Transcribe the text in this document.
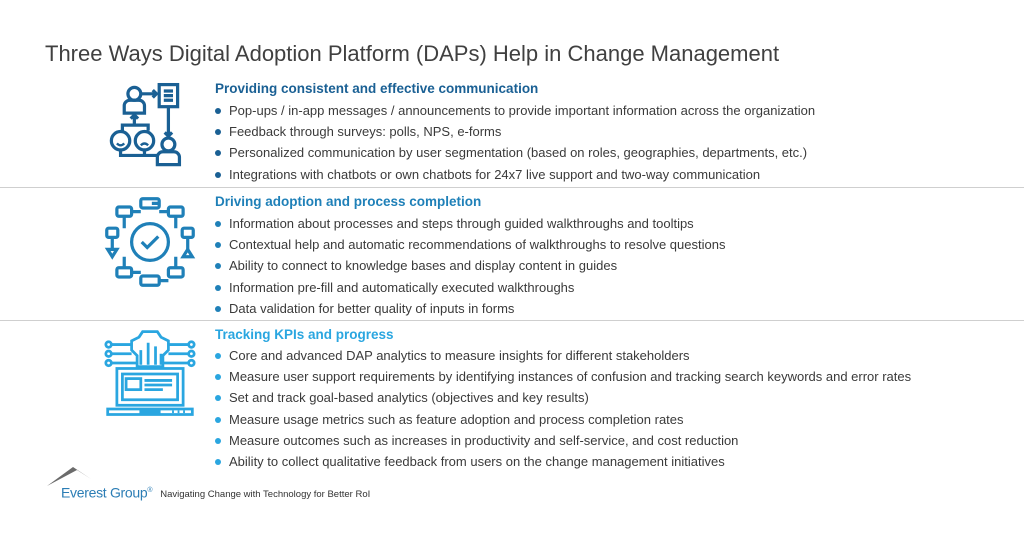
Three Ways Digital Adoption Platform (DAPs) Help in Change Management
Providing consistent and effective communication
Pop-ups / in-app messages / announcements to provide important information across the organization
Feedback through surveys: polls, NPS, e-forms
Personalized communication by user segmentation (based on roles, geographies, departments, etc.)
Integrations with chatbots or own chatbots for 24x7 live support and two-way communication
Driving adoption and process completion
Information about processes and steps through guided walkthroughs and tooltips
Contextual help and automatic recommendations of walkthroughs to resolve questions
Ability to connect to knowledge bases and display content in guides
Information pre-fill and automatically executed walkthroughs
Data validation for better quality of inputs in forms
Tracking KPIs and progress
Core and advanced DAP analytics to measure insights for different stakeholders
Measure user support requirements by identifying instances of confusion and tracking search keywords and error rates
Set and track goal-based analytics (objectives and key results)
Measure usage metrics such as feature adoption and process completion rates
Measure outcomes such as increases in productivity and self-service, and cost reduction
Ability to collect qualitative feedback from users on the change management initiatives
Everest Group® Navigating Change with Technology for Better RoI
